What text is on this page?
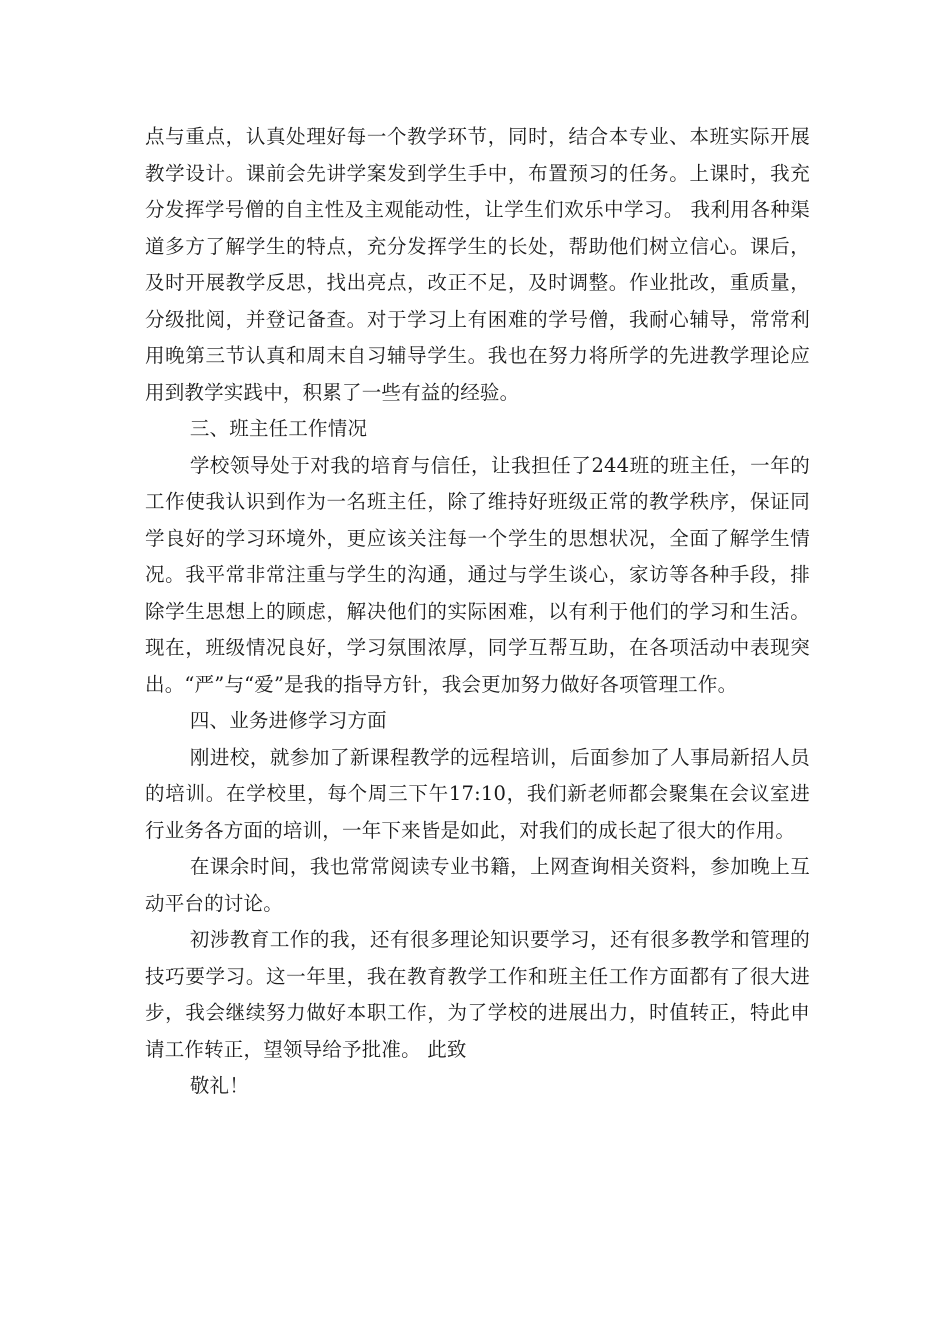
点与重点，认真处理好每一个教学环节，同时，结合本专业、本班实际开展教学设计。课前会先讲学案发到学生手中，布置预习的任务。上课时，我充分发挥学号僧的自主性及主观能动性，让学生们欢乐中学习。 我利用各种渠道多方了解学生的特点，充分发挥学生的长处，帮助他们树立信心。课后，及时开展教学反思，找出亮点，改正不足，及时调整。作业批改，重质量，分级批阅，并登记备查。对于学习上有困难的学号僧，我耐心辅导，常常利用晚第三节认真和周末自习辅导学生。我也在努力将所学的先进教学理论应用到教学实践中，积累了一些有益的经验。

三、班主任工作情况

学校领导处于对我的培育与信任，让我担任了244班的班主任，一年的工作使我认识到作为一名班主任，除了维持好班级正常的教学秩序，保证同学良好的学习环境外，更应该关注每一个学生的思想状况，全面了解学生情况。我平常非常注重与学生的沟通，通过与学生谈心，家访等各种手段，排除学生思想上的顾虑，解决他们的实际困难，以有利于他们的学习和生活。现在，班级情况良好，学习氛围浓厚，同学互帮互助，在各项活动中表现突出。“严”与“爱”是我的指导方针，我会更加努力做好各项管理工作。

四、业务进修学习方面

刚进校，就参加了新课程教学的远程培训，后面参加了人事局新招人员的培训。在学校里，每个周三下午17:10，我们新老师都会聚集在会议室进行业务各方面的培训，一年下来皆是如此，对我们的成长起了很大的作用。

在课余时间，我也常常阅读专业书籍，上网查询相关资料，参加晚上互动平台的讨论。

初涉教育工作的我，还有很多理论知识要学习，还有很多教学和管理的技巧要学习。这一年里，我在教育教学工作和班主任工作方面都有了很大进步，我会继续努力做好本职工作，为了学校的进展出力，时值转正，特此申请工作转正，望领导给予批准。 此致

敬礼！
